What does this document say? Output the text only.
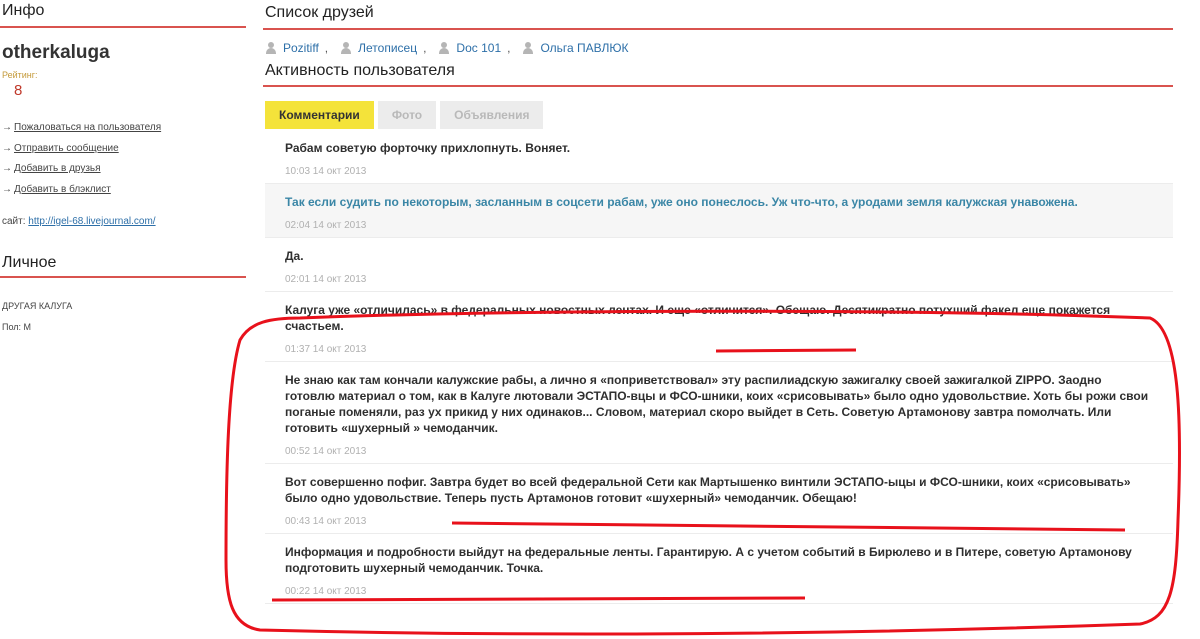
Инфо
otherkaluga
Рейтинг:
8
→ Пожаловаться на пользователя
→ Отправить сообщение
→ Добавить в друзья
→ Добавить в блэклист
сайт: http://igel-68.livejournal.com/
Личное
ДРУГАЯ КАЛУГА
Пол: М
Список друзей
Pozitiff ,	Летописец ,	Doc 101 ,	Ольга ПАВЛЮК
Активность пользователя
Комментарии	Фото	Объявления
Рабам советую форточку прихлопнуть. Воняет.
10:03 14 окт 2013
Так если судить по некоторым, засланным в соцсети рабам, уже оно понеслось. Уж что-что, а уродами земля калужская унавожена.
02:04 14 окт 2013
Да.
02:01 14 окт 2013
Калуга уже «отличилась» в федеральных новостных лентах. И еще «отличится». Обещаю. Десятикратно потухший факел еще покажется счастьем.
01:37 14 окт 2013
Не знаю как там кончали калужские рабы, а лично я «поприветствовал» эту распилиадскую зажигалку своей зажигалкой ZIPPO. Заодно готовлю материал о том, как в Калуге лютовали ЭСТАПО-вцы и ФСО-шники, коих «срисовывать» было одно удовольствие. Хоть бы рожи свои поганые поменяли, раз ух прикид у них одинаков... Словом, материал скоро выйдет в Сеть. Советую Артамонову завтра помолчать. Или готовить «шухерный » чемоданчик.
00:52 14 окт 2013
Вот совершенно пофиг. Завтра будет во всей федеральной Сети как Мартышенко винтили ЭСТАПО-ыцы и ФСО-шники, коих «срисовывать» было одно удовольствие. Теперь пусть Артамонов готовит «шухерный» чемоданчик. Обещаю!
00:43 14 окт 2013
Информация и подробности выйдут на федеральные ленты. Гарантирую. А с учетом событий в Бирюлево и в Питере, советую Артамонову подготовить шухерный чемоданчик. Точка.
00:22 14 окт 2013
